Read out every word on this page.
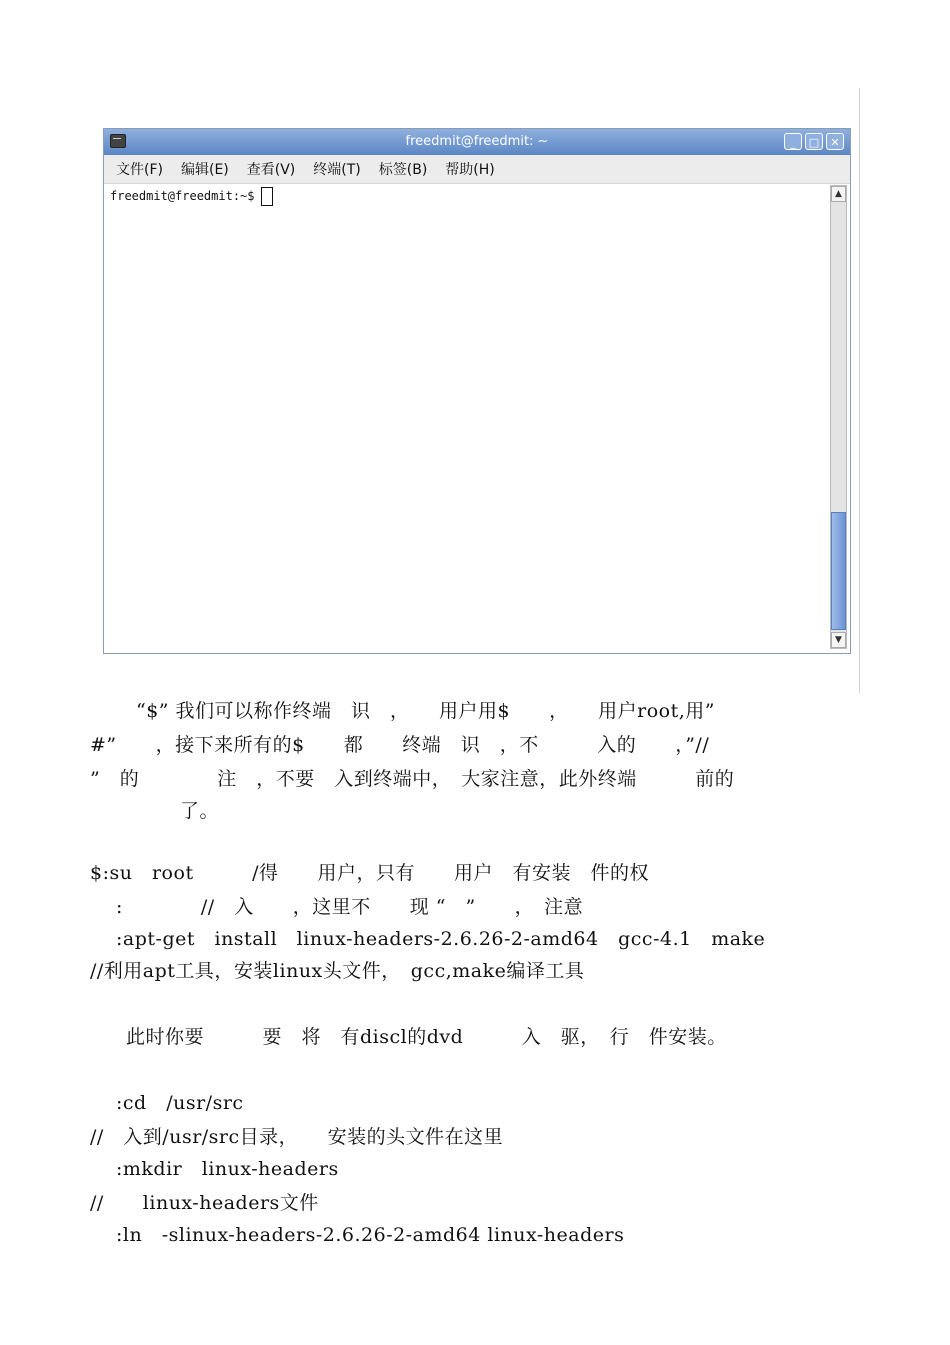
freedmit@freedmit: ~	_	□	✕
文件(F) 编辑(E) 查看(V) 终端(T) 标签(B) 帮助(H)
freedmit@freedmit:~$	▲
▼
“$” 我们可以称作终端　识　，　　用户用$　　，　　用户root,用”
#”　　，接下来所有的$　　都　　终端　识　，不　　　入的　　，”//
”　的　　　　注　，不要　入到终端中，　大家注意，此外终端　　　前的
了。
$:su　root　　　/得　　用户，只有　　用户　有安装　件的权
:　　　　//　入　　，这里不　　现 “　”　　，　注意
:apt-get　install　linux-headers-2.6.26-2-amd64　gcc-4.1　make
//利用apt工具，安装linux头文件，　gcc,make编译工具
此时你要　　　要　将　有discl的dvd　　　入　驱，　行　件安装。
:cd　/usr/src
//　入到/usr/src目录，　　安装的头文件在这里
:mkdir　linux-headers
//　　linux-headers文件
:ln　-slinux-headers-2.6.26-2-amd64 linux-headers
